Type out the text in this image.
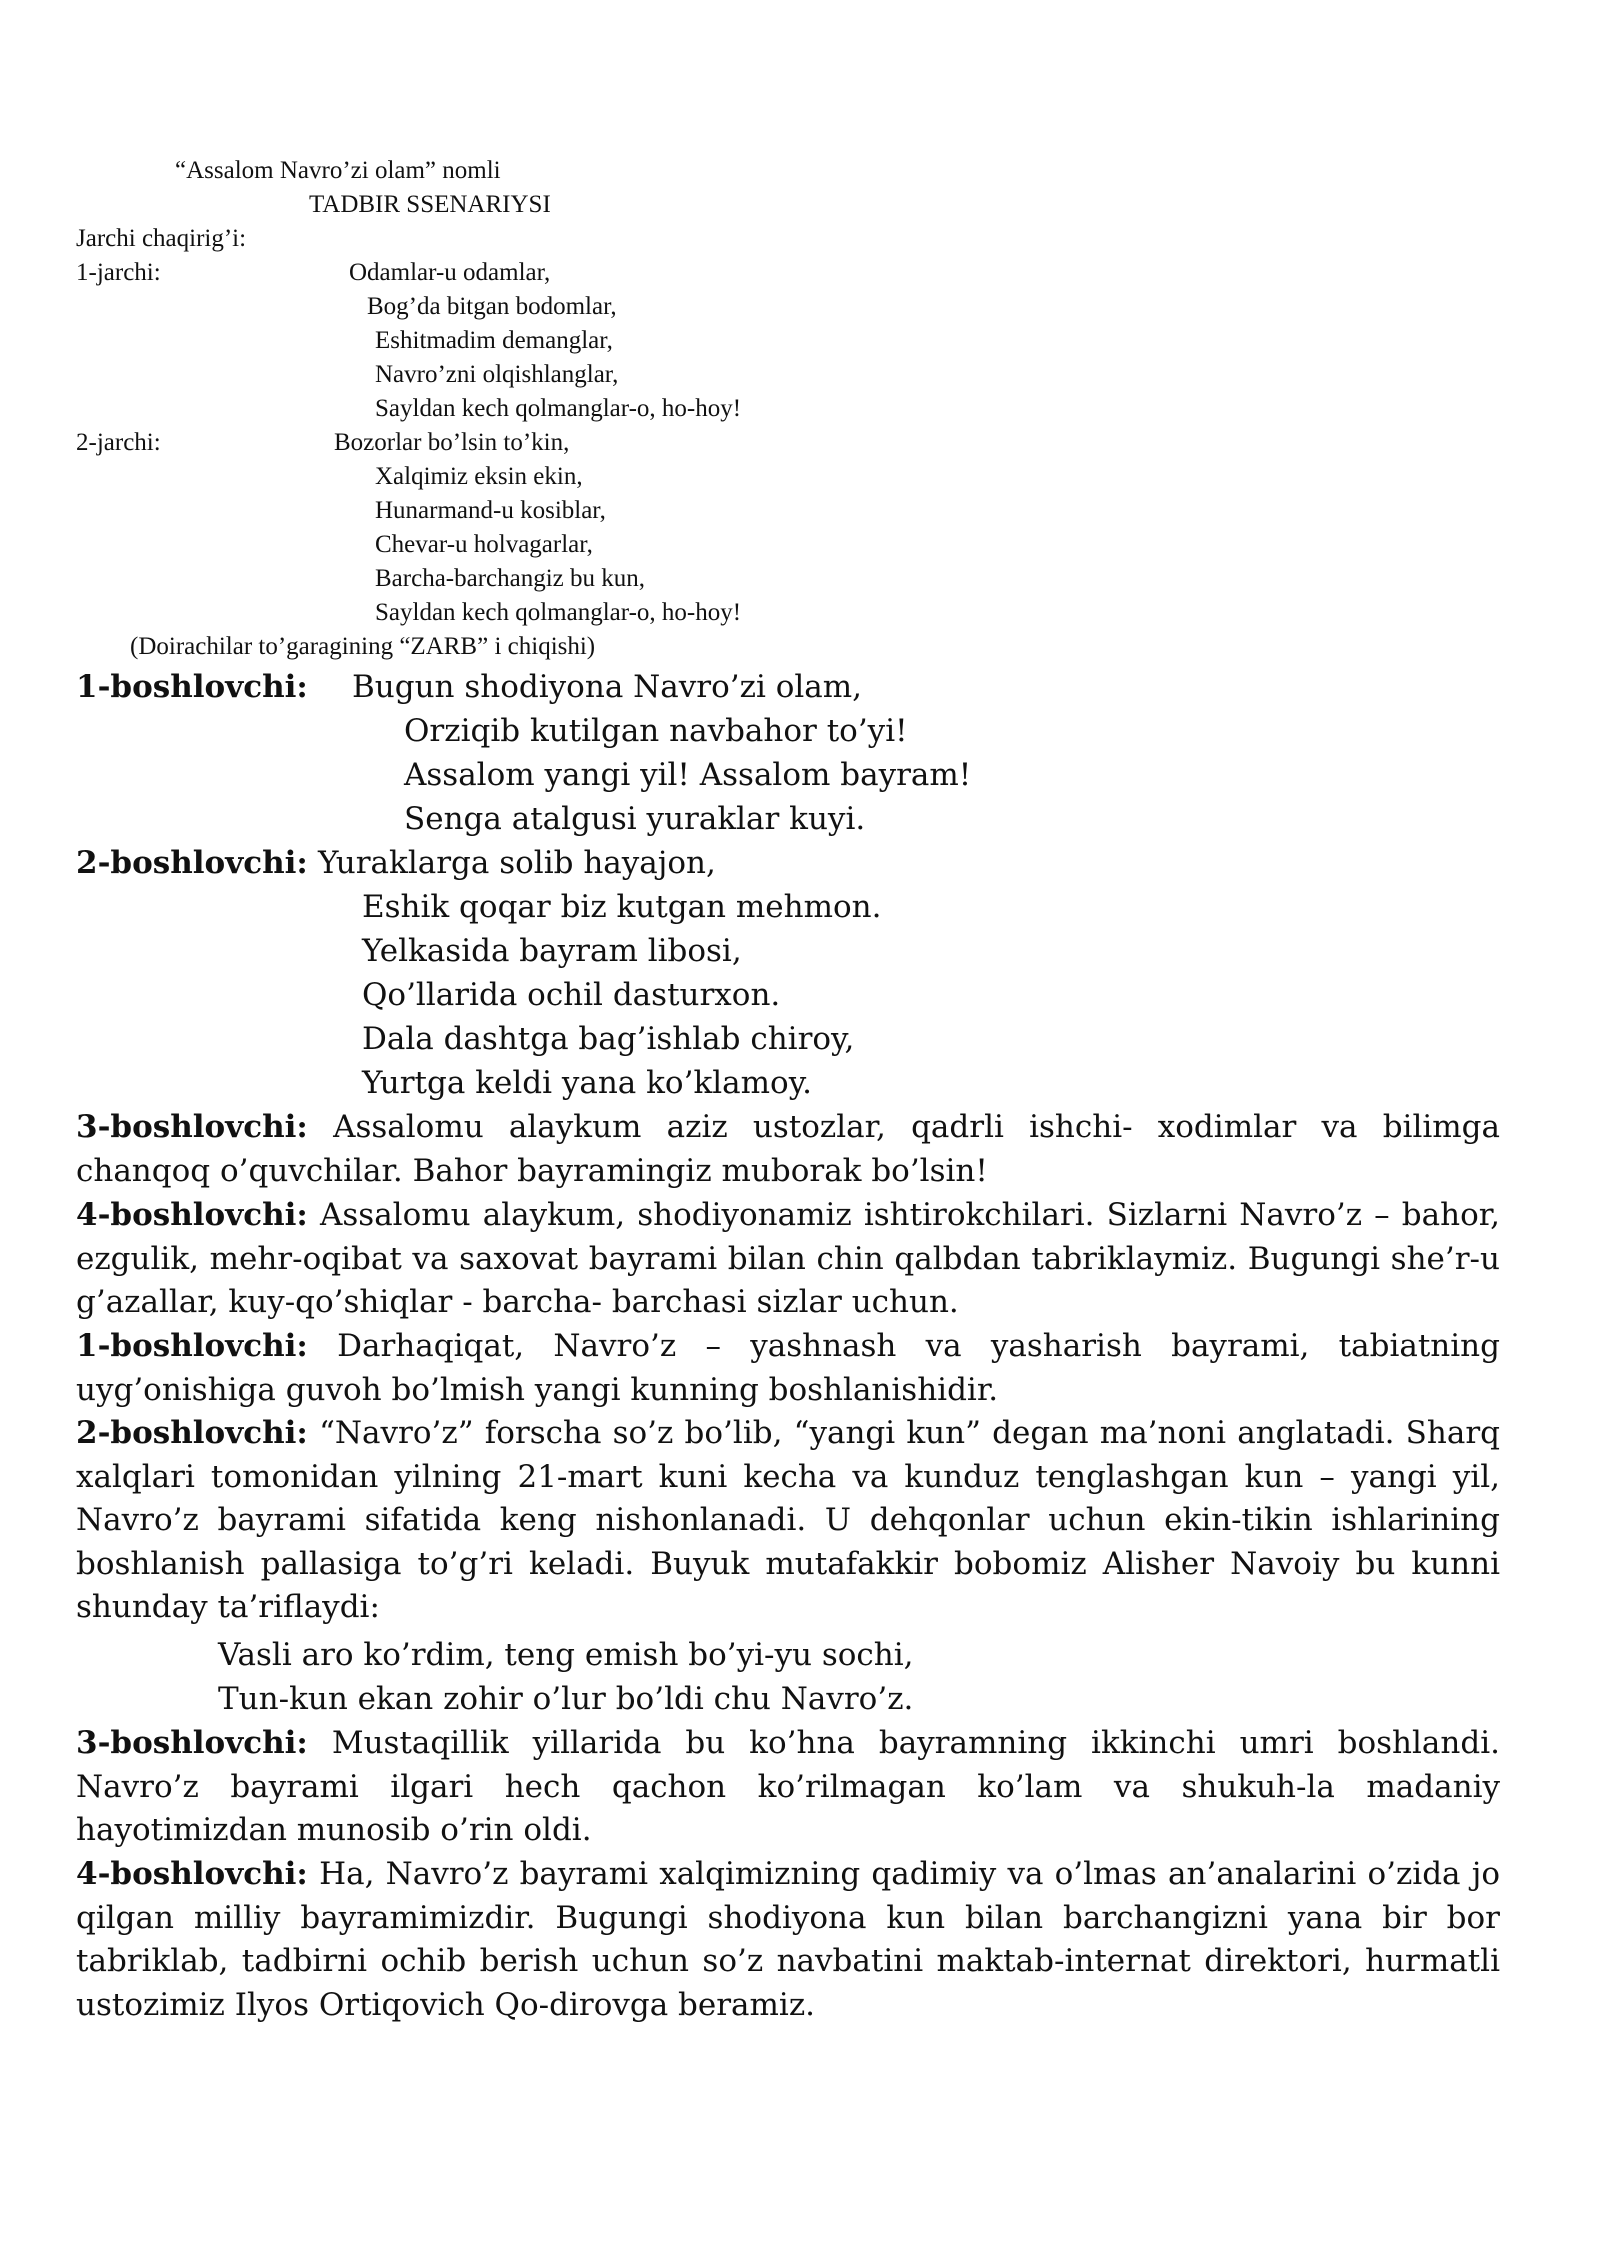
“Assalom Navro’zi olam” nomli
TADBIR SSENARIYSI
Jarchi chaqirig’i:
1-jarchi:	Odamlar-u odamlar,
Bog’da bitgan bodomlar,
Eshitmadim demanglar,
Navro’zni olqishlanglar,
Sayldan kech qolmanglar-o, ho-hoy!
2-jarchi:	Bozorlar bo’lsin to’kin,
Xalqimiz eksin ekin,
Hunarmand-u kosiblar,
Chevar-u holvagarlar,
Barcha-barchangiz bu kun,
Sayldan kech qolmanglar-o, ho-hoy!
(Doirachilar to’garagining “ZARB” i chiqishi)
1-boshlovchi: Bugun shodiyona Navro’zi olam,
Orziqib kutilgan navbahor to’yi!
Assalom yangi yil! Assalom bayram!
Senga atalgusi yuraklar kuyi.
2-boshlovchi: Yuraklarga solib hayajon,
Eshik qoqar biz kutgan mehmon.
Yelkasida bayram libosi,
Qo’llarida ochil dasturxon.
Dala dashtga bag’ishlab chiroy,
Yurtga keldi yana ko’klamoy.
3-boshlovchi: Assalomu alaykum aziz ustozlar, qadrli ishchi- xodimlar va bilimga chanqoq o’quvchilar. Bahor bayramingiz muborak bo’lsin!
4-boshlovchi: Assalomu alaykum, shodiyonamiz ishtirokchilari. Sizlarni Navro’z – bahor, ezgulik, mehr-oqibat va saxovat bayrami bilan chin qalbdan tabriklaymiz. Bugungi she’r-u g’azallar, kuy-qo’shiqlar - barcha- barchasi sizlar uchun.
1-boshlovchi: Darhaqiqat, Navro’z – yashnash va yasharish bayrami, tabiatning uyg’onishiga guvoh bo’lmish yangi kunning boshlanishidir.
2-boshlovchi: “Navro’z” forscha so’z bo’lib, “yangi kun” degan ma’noni anglatadi. Sharq xalqlari tomonidan yilning 21-mart kuni kecha va kunduz tenglashgan kun – yangi yil, Navro’z bayrami sifatida keng nishonlanadi. U dehqonlar uchun ekin-tikin ishlarining boshlanish pallasiga to’g’ri keladi. Buyuk mutafakkir bobomiz Alisher Navoiy bu kunni shunday ta’riflaydi:
Vasli aro ko’rdim, teng emish bo’yi-yu sochi,
Tun-kun ekan zohir o’lur bo’ldi chu Navro’z.
3-boshlovchi: Mustaqillik yillarida bu ko’hna bayramning ikkinchi umri boshlandi. Navro’z bayrami ilgari hech qachon ko’rilmagan ko’lam va shukuh-la madaniy hayotimizdan munosib o’rin oldi.
4-boshlovchi: Ha, Navro’z bayrami xalqimizning qadimiy va o’lmas an’analarini o’zida jo qilgan milliy bayramimizdir. Bugungi shodiyona kun bilan barchangizni yana bir bor tabriklab, tadbirni ochib berish uchun so’z navbatini maktab-internat direktori, hurmatli ustozimiz Ilyos Ortiqovich Qo-dirovga beramiz.
